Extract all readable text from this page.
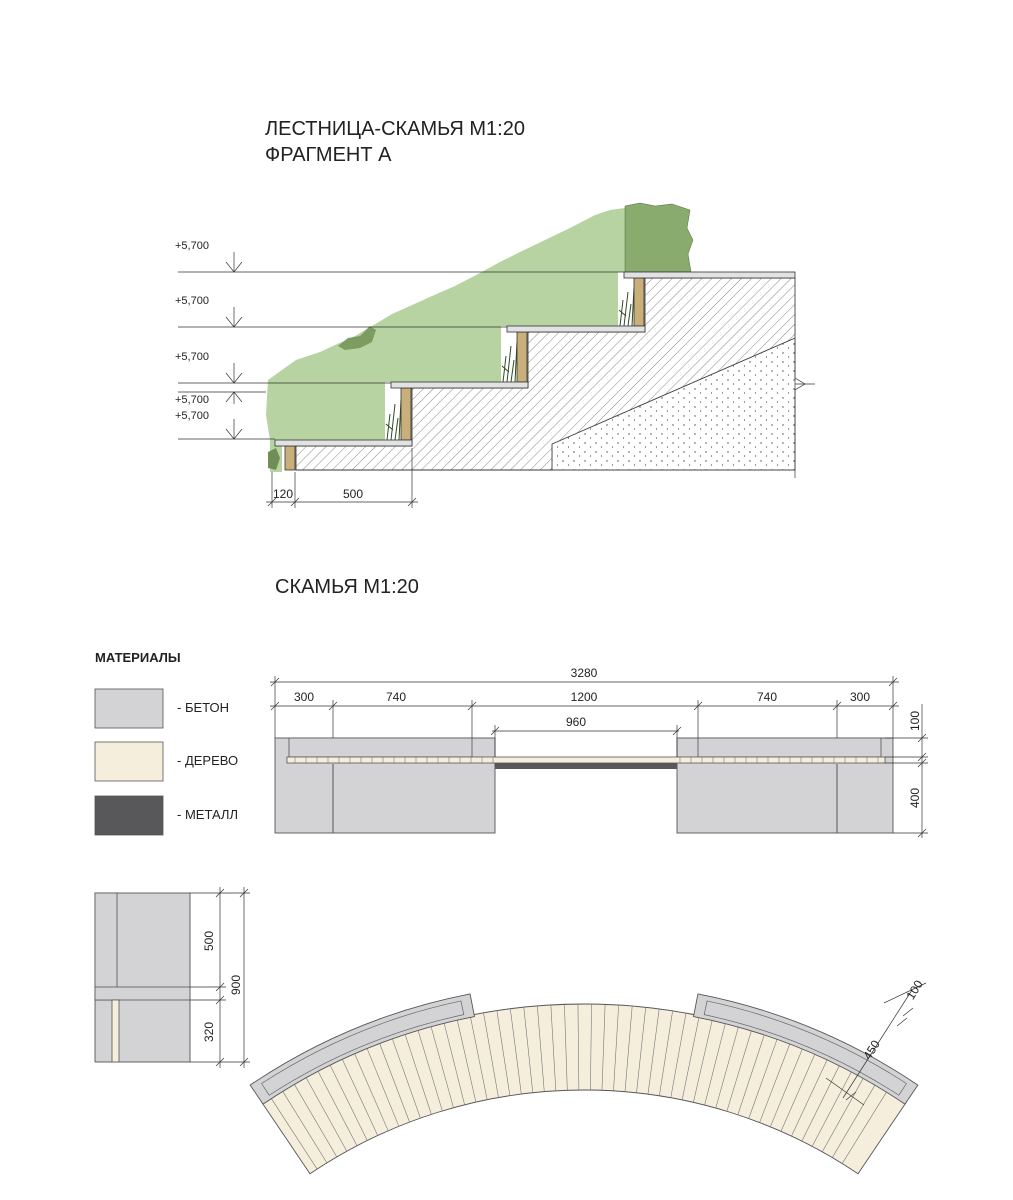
ЛЕСТНИЦА-СКАМЬЯ М1:20
ФРАГМЕНТ А
+5,700
+5,700
+5,700
+5,700
+5,700
120	500
СКАМЬЯ М1:20
МАТЕРИАЛЫ
- БЕТОН
- ДЕРЕВО
- МЕТАЛЛ
3280
300	740	1200	740	300
960	100
400
500
900
320
100
450
